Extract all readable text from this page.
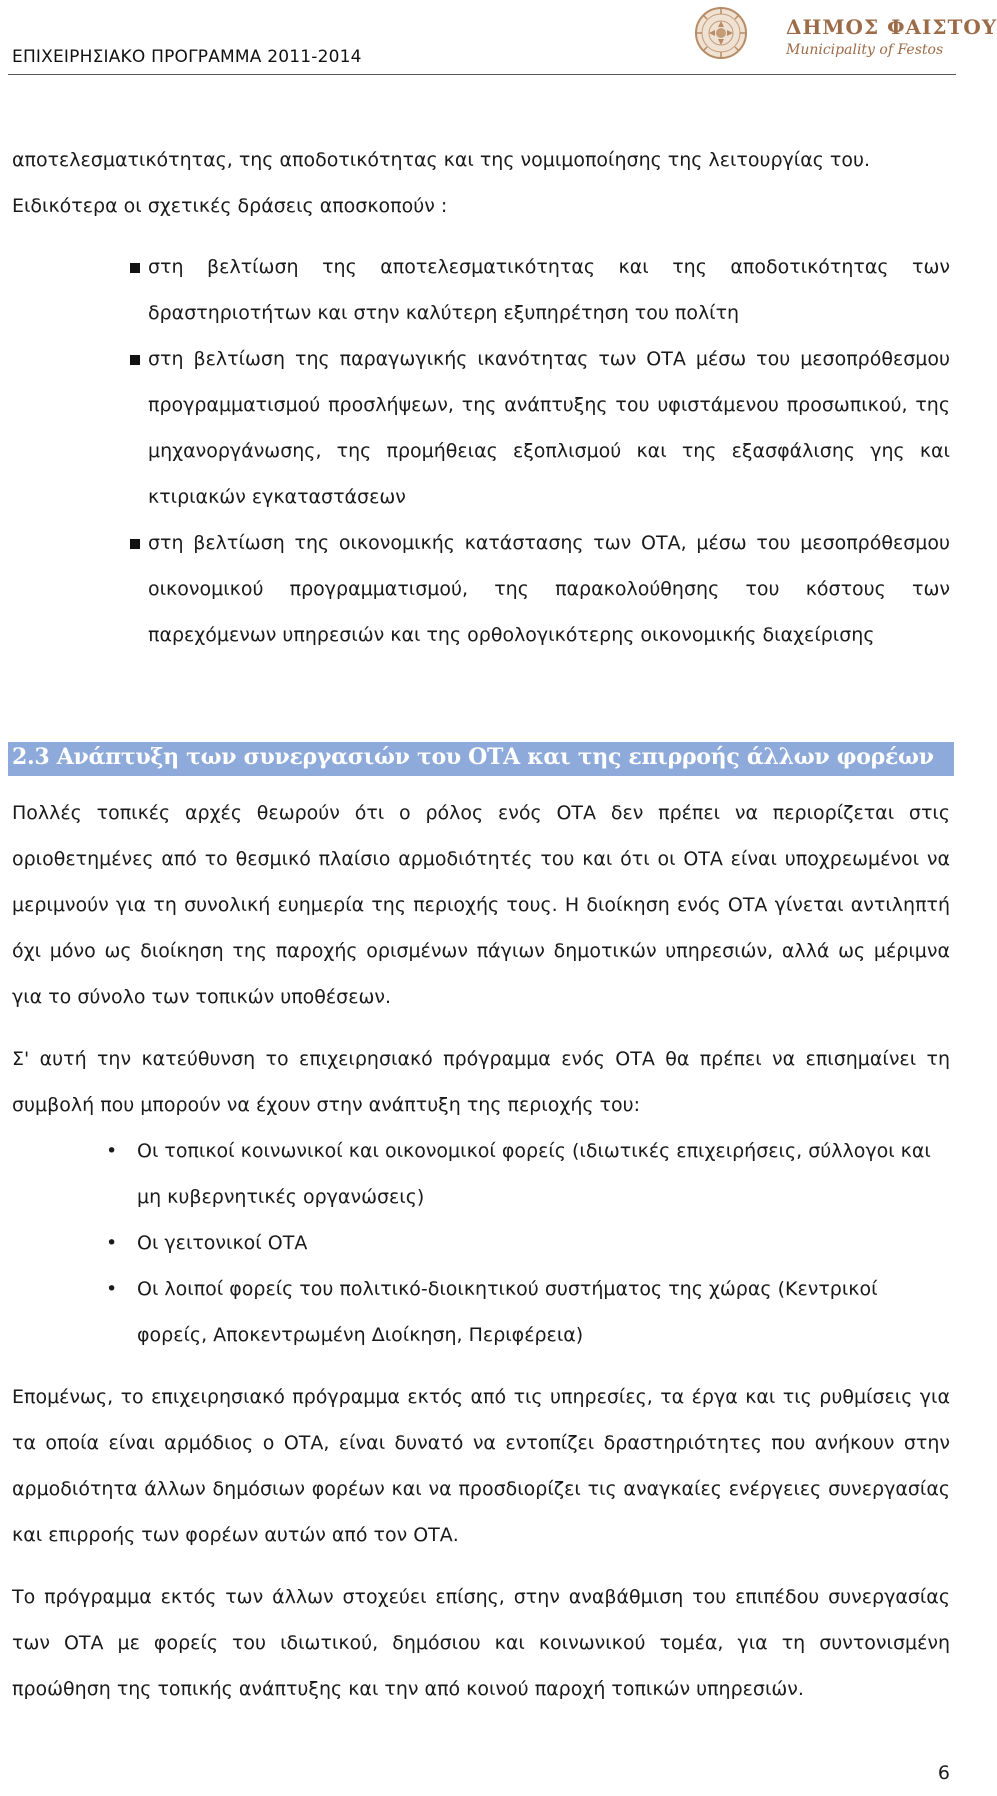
ΕΠΙΧΕΙΡΗΣΙΑΚΟ ΠΡΟΓΡΑΜΜΑ 2011-2014
ΔΗΜΟΣ ΦΑΙΣΤΟΥ
Municipality of Festos

αποτελεσματικότητας, της αποδοτικότητας και της νομιμοποίησης της λειτουργίας του.

Ειδικότερα οι σχετικές δράσεις αποσκοπούν :

στη βελτίωση της αποτελεσματικότητας και της αποδοτικότητας των δραστηριοτήτων και στην καλύτερη εξυπηρέτηση του πολίτη
στη βελτίωση της παραγωγικής ικανότητας των ΟΤΑ μέσω του μεσοπρόθεσμου προγραμματισμού προσλήψεων, της ανάπτυξης του υφιστάμενου προσωπικού, της μηχανοργάνωσης, της προμήθειας εξοπλισμού και της εξασφάλισης γης και κτιριακών εγκαταστάσεων
στη βελτίωση της οικονομικής κατάστασης των ΟΤΑ, μέσω του μεσοπρόθεσμου οικονομικού προγραμματισμού, της παρακολούθησης του κόστους των παρεχόμενων υπηρεσιών και της ορθολογικότερης οικονομικής διαχείρισης
2.3 Ανάπτυξη των συνεργασιών του ΟΤΑ και της επιρροής άλλων φορέων

Πολλές τοπικές αρχές θεωρούν ότι ο ρόλος ενός ΟΤΑ δεν πρέπει να περιορίζεται στις οριοθετημένες από το θεσμικό πλαίσιο αρμοδιότητές του και ότι οι ΟΤΑ είναι υποχρεωμένοι να μεριμνούν για τη συνολική ευημερία της περιοχής τους. Η διοίκηση ενός ΟΤΑ γίνεται αντιληπτή όχι μόνο ως διοίκηση της παροχής ορισμένων πάγιων δημοτικών υπηρεσιών, αλλά ως μέριμνα για το σύνολο των τοπικών υποθέσεων.

Σ' αυτή την κατεύθυνση το επιχειρησιακό πρόγραμμα ενός ΟΤΑ θα πρέπει να επισημαίνει τη συμβολή που μπορούν να έχουν στην ανάπτυξη της περιοχής του:

• Οι τοπικοί κοινωνικοί και οικονομικοί φορείς (ιδιωτικές επιχειρήσεις, σύλλογοι και μη κυβερνητικές οργανώσεις)
• Οι γειτονικοί ΟΤΑ
• Οι λοιποί φορείς του πολιτικό-διοικητικού συστήματος της χώρας (Κεντρικοί φορείς, Αποκεντρωμένη Διοίκηση, Περιφέρεια)

Επομένως, το επιχειρησιακό πρόγραμμα εκτός από τις υπηρεσίες, τα έργα και τις ρυθμίσεις για τα οποία είναι αρμόδιος ο ΟΤΑ, είναι δυνατό να εντοπίζει δραστηριότητες που ανήκουν στην αρμοδιότητα άλλων δημόσιων φορέων και να προσδιορίζει τις αναγκαίες ενέργειες συνεργασίας και επιρροής των φορέων αυτών από τον ΟΤΑ.

Το πρόγραμμα εκτός των άλλων στοχεύει επίσης, στην αναβάθμιση του επιπέδου συνεργασίας των ΟΤΑ με φορείς του ιδιωτικού, δημόσιου και κοινωνικού τομέα, για τη συντονισμένη προώθηση της τοπικής ανάπτυξης και την από κοινού παροχή τοπικών υπηρεσιών.

6
